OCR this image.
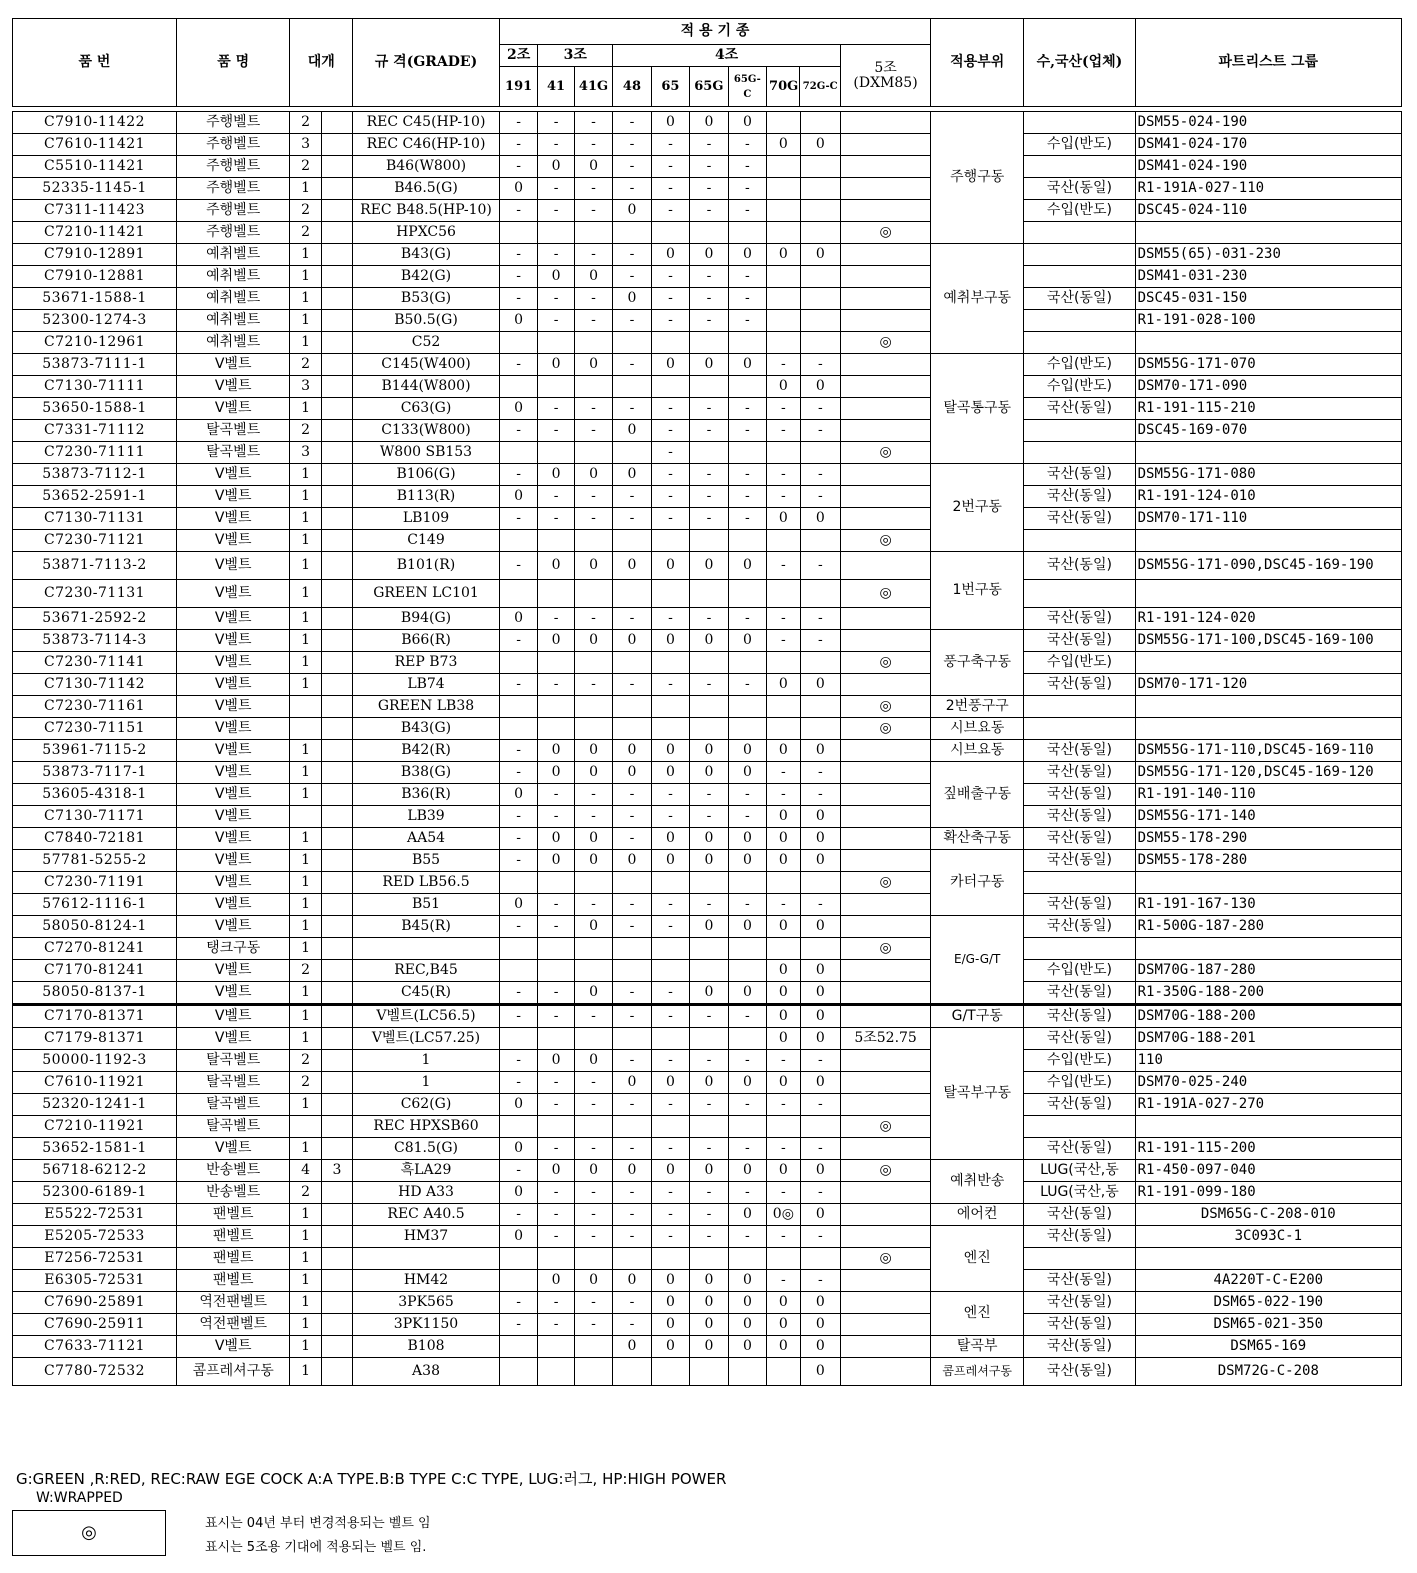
품 번	품 명	대개	규 격(GRADE)	적 용 기 종										적용부위	수,국산(업체)	파트리스트 그룹
				2조	3조		4조						5조 (DXM85)			
				191	41	41G	48	65	65G	65G-C	70G	72G-C				
C7910-11422	주행벨트	2		REC C45(HP-10)	-	-	-	-	0	0	0				주행구동		DSM55-024-190
C7610-11421	주행벨트	3		REC C46(HP-10)	-	-	-	-	-	-	-	0	0			수입(반도)	DSM41-024-170
C5510-11421	주행벨트	2		B46(W800)	-	0	0	-	-	-	-						DSM41-024-190
52335-1145-1	주행벨트	1		B46.5(G)	0	-	-	-	-	-	-					국산(동일)	R1-191A-027-110
C7311-11423	주행벨트	2		REC B48.5(HP-10)	-	-	-	0	-	-	-					수입(반도)	DSC45-024-110
C7210-11421	주행벨트	2		HPXC56										◎			
C7910-12891	예취벨트	1		B43(G)	-	-	-	-	0	0	0	0	0		예취부구동		DSM55(65)-031-230
C7910-12881	예취벨트	1		B42(G)	-	0	0	-	-	-	-						DSM41-031-230
53671-1588-1	예취벨트	1		B53(G)	-	-	-	0	-	-	-					국산(동일)	DSC45-031-150
52300-1274-3	예취벨트	1		B50.5(G)	0	-	-	-	-	-	-						R1-191-028-100
C7210-12961	예취벨트	1		C52										◎			
53873-7111-1	V벨트	2		C145(W400)	-	0	0	-	0	0	0	-	-		탈곡통구동	수입(반도)	DSM55G-171-070
C7130-71111	V벨트	3		B144(W800)								0	0			수입(반도)	DSM70-171-090
53650-1588-1	V벨트	1		C63(G)	0	-	-	-	-	-	-	-	-			국산(동일)	R1-191-115-210
C7331-71112	탈곡벨트	2		C133(W800)	-	-	-	0	-	-	-	-	-				DSC45-169-070
C7230-71111	탈곡벨트	3		W800 SB153					-					◎			
53873-7112-1	V벨트	1		B106(G)	-	0	0	0	-	-	-	-	-		2번구동	국산(동일)	DSM55G-171-080
53652-2591-1	V벨트	1		B113(R)	0	-	-	-	-	-	-	-	-			국산(동일)	R1-191-124-010
C7130-71131	V벨트	1		LB109	-	-	-	-	-	-	-	0	0			국산(동일)	DSM70-171-110
C7230-71121	V벨트	1		C149										◎			
53871-7113-2	V벨트	1		B101(R)	-	0	0	0	0	0	0	-	-		1번구동	국산(동일)	DSM55G-171-090,DSC45-169-190
C7230-71131	V벨트	1		GREEN LC101										◎			
53671-2592-2	V벨트	1		B94(G)	0	-	-	-	-	-	-	-	-			국산(동일)	R1-191-124-020
53873-7114-3	V벨트	1		B66(R)	-	0	0	0	0	0	0	-	-		풍구축구동	국산(동일)	DSM55G-171-100,DSC45-169-100
C7230-71141	V벨트	1		REP B73										◎		수입(반도)	
C7130-71142	V벨트	1		LB74	-	-	-	-	-	-	-	0	0			국산(동일)	DSM70-171-120
C7230-71161	V벨트			GREEN LB38										◎	2번풍구구		
C7230-71151	V벨트			B43(G)										◎	시브요동		
53961-7115-2	V벨트	1		B42(R)	-	0	0	0	0	0	0	0	0		시브요동	국산(동일)	DSM55G-171-110,DSC45-169-110
53873-7117-1	V벨트	1		B38(G)	-	0	0	0	0	0	0	-	-		짚배출구동	국산(동일)	DSM55G-171-120,DSC45-169-120
53605-4318-1	V벨트	1		B36(R)	0	-	-	-	-	-	-	-	-			국산(동일)	R1-191-140-110
C7130-71171	V벨트			LB39	-	-	-	-	-	-	-	0	0			국산(동일)	DSM55G-171-140
C7840-72181	V벨트	1		AA54	-	0	0	-	0	0	0	0	0		확산축구동	국산(동일)	DSM55-178-290
57781-5255-2	V벨트	1		B55	-	0	0	0	0	0	0	0	0		카터구동	국산(동일)	DSM55-178-280
C7230-71191	V벨트	1		RED LB56.5										◎			
57612-1116-1	V벨트	1		B51	0	-	-	-	-	-	-	-	-			국산(동일)	R1-191-167-130
58050-8124-1	V벨트	1		B45(R)	-	-	0	-	-	0	0	0	0		E/G-G/T	국산(동일)	R1-500G-187-280
C7270-81241	탱크구동	1												◎			
C7170-81241	V벨트	2		REC,B45								0	0			수입(반도)	DSM70G-187-280
58050-8137-1	V벨트	1		C45(R)	-	-	0	-	-	0	0	0	0			국산(동일)	R1-350G-188-200
C7170-81371	V벨트	1		V벨트(LC56.5)	-	-	-	-	-	-	-	0	0		G/T구동	국산(동일)	DSM70G-188-200
C7179-81371	V벨트	1		V벨트(LC57.25)								0	0	5조52.75	탈곡부구동	국산(동일)	DSM70G-188-201
50000-1192-3	탈곡벨트	2		1	-	0	0	-	-	-	-	-	-			수입(반도)	110
C7610-11921	탈곡벨트	2		1	-	-	-	0	0	0	0	0	0			수입(반도)	DSM70-025-240
52320-1241-1	탈곡벨트	1		C62(G)	0	-	-	-	-	-	-	-	-			국산(동일)	R1-191A-027-270
C7210-11921	탈곡벨트			REC HPXSB60										◎			
53652-1581-1	V벨트	1		C81.5(G)	0	-	-	-	-	-	-	-	-			국산(동일)	R1-191-115-200
56718-6212-2	반송벨트	4	3	흑LA29	-	0	0	0	0	0	0	0	0	◎	예취반송	LUG(국산,동	R1-450-097-040
52300-6189-1	반송벨트	2		HD A33	0	-	-	-	-	-	-	-	-			LUG(국산,동	R1-191-099-180
E5522-72531	팬벨트	1		REC A40.5	-	-	-	-	-	-	0	0◎	0		에어컨	국산(동일)	DSM65G-C-208-010
E5205-72533	팬벨트	1		HM37	0	-	-	-	-	-	-	-	-		엔진	국산(동일)	3C093C-1
E7256-72531	팬벨트	1												◎			
E6305-72531	팬벨트	1		HM42		0	0	0	0	0	0	-	-			국산(동일)	4A220T-C-E200
C7690-25891	역전팬벨트	1		3PK565	-	-	-	-	0	0	0	0	0		엔진	국산(동일)	DSM65-022-190
C7690-25911	역전팬벨트	1		3PK1150	-	-	-	-	0	0	0	0	0			국산(동일)	DSM65-021-350
C7633-71121	V벨트	1		B108				0	0	0	0	0	0		탈곡부	국산(동일)	DSM65-169
C7780-72532	콤프레셔구동	1		A38									0		콤프레셔구동	국산(동일)	DSM72G-C-208
G:GREEN ,R:RED, REC:RAW EGE COCK A:A TYPE.B:B TYPE C:C TYPE, LUG:러그, HP:HIGH POWER
W:WRAPPED
◎	표시는 04년 부터 변경적용되는 벨트 임
표시는 5조용 기대에 적용되는 벨트 임.
